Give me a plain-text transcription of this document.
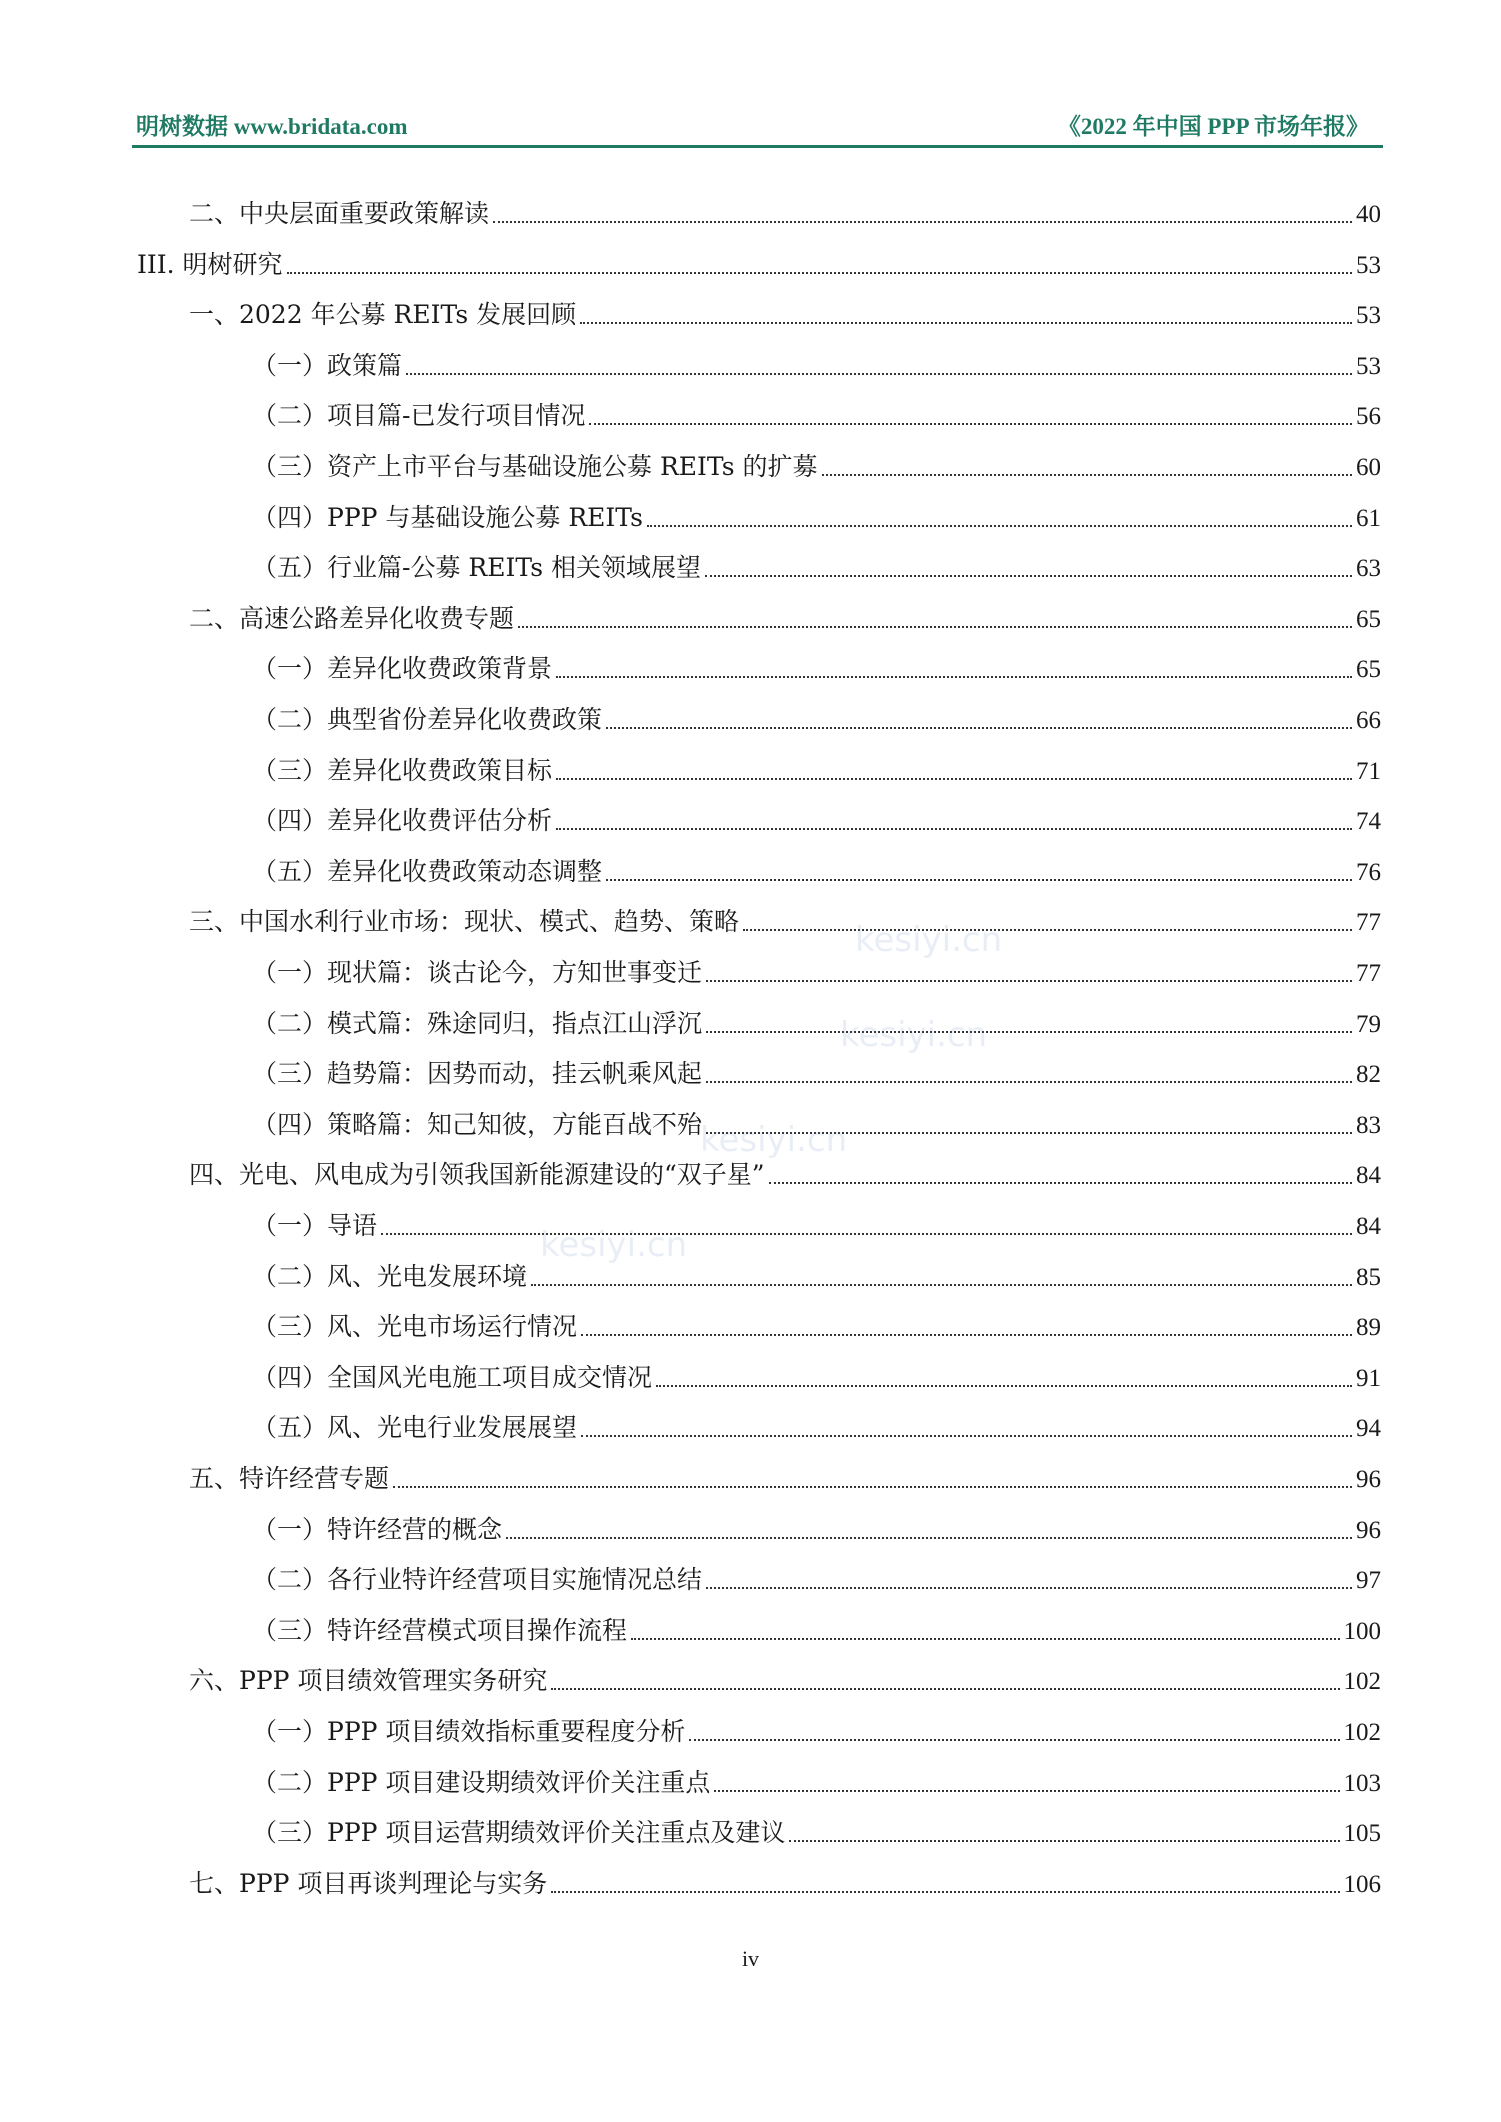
明树数据 www.bridata.com	《2022 年中国 PPP 市场年报》
二、中央层面重要政策解读	40
III. 明树研究	53
一、2022 年公募 REITs 发展回顾	53
（一）政策篇	53
（二）项目篇-已发行项目情况	56
（三）资产上市平台与基础设施公募 REITs 的扩募	60
（四）PPP 与基础设施公募 REITs	61
（五）行业篇-公募 REITs 相关领域展望	63
二、高速公路差异化收费专题	65
（一）差异化收费政策背景	65
（二）典型省份差异化收费政策	66
（三）差异化收费政策目标	71
（四）差异化收费评估分析	74
（五）差异化收费政策动态调整	76
三、中国水利行业市场：现状、模式、趋势、策略	77
（一）现状篇：谈古论今，方知世事变迁	77
（二）模式篇：殊途同归，指点江山浮沉	79
（三）趋势篇：因势而动，挂云帆乘风起	82
（四）策略篇：知己知彼，方能百战不殆	83
四、光电、风电成为引领我国新能源建设的“双子星”	84
（一）导语	84
（二）风、光电发展环境	85
（三）风、光电市场运行情况	89
（四）全国风光电施工项目成交情况	91
（五）风、光电行业发展展望	94
五、特许经营专题	96
（一）特许经营的概念	96
（二）各行业特许经营项目实施情况总结	97
（三）特许经营模式项目操作流程	100
六、PPP 项目绩效管理实务研究	102
（一）PPP 项目绩效指标重要程度分析	102
（二）PPP 项目建设期绩效评价关注重点	103
（三）PPP 项目运营期绩效评价关注重点及建议	105
七、PPP 项目再谈判理论与实务	106
kesiyi.cn
kesiyi.cn
kesiyi.cn
kesiyi.cn
iv
